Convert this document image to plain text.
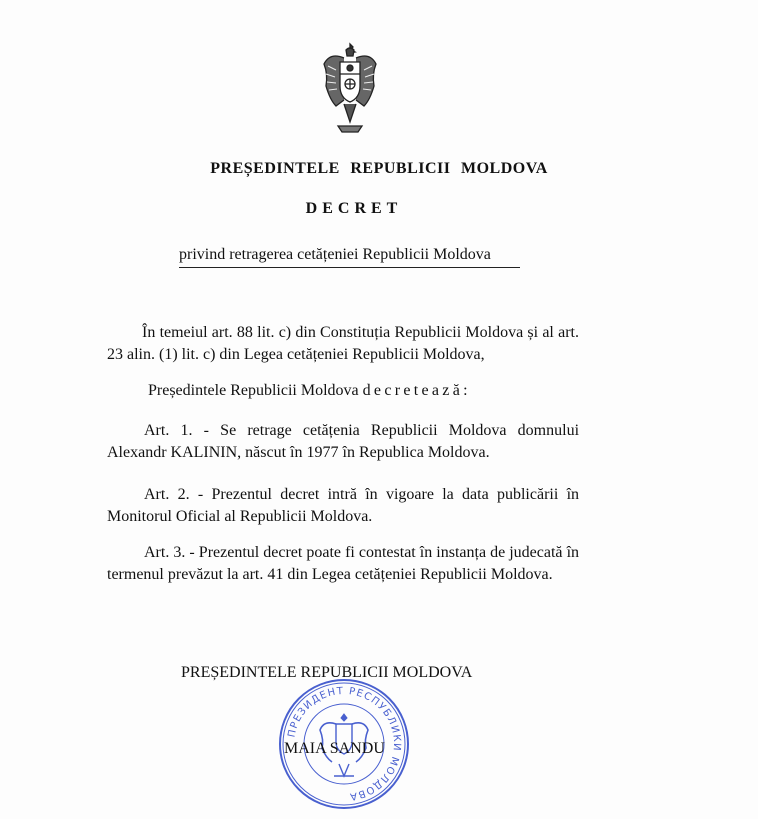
PREȘEDINTELE REPUBLICII MOLDOVA
DECRET
privind retragerea cetățeniei Republicii Moldova
În temeiul art. 88 lit. c) din Constituția Republicii Moldova și al art. 23 alin. (1) lit. c) din Legea cetățeniei Republicii Moldova,
Președintele Republicii Moldova decretează:
Art. 1. - Se retrage cetățenia Republicii Moldova domnului Alexandr KALININ, născut în 1977 în Republica Moldova.
Art. 2. - Prezentul decret intră în vigoare la data publicării în Monitorul Oficial al Republicii Moldova.
Art. 3. - Prezentul decret poate fi contestat în instanța de judecată în termenul prevăzut la art. 41 din Legea cetățeniei Republicii Moldova.
ПРЕЗИДЕНТ РЕСПУБЛИКИ МОЛДОВА
PREȘEDINTELE REPUBLICII MOLDOVA
MAIA SANDU
